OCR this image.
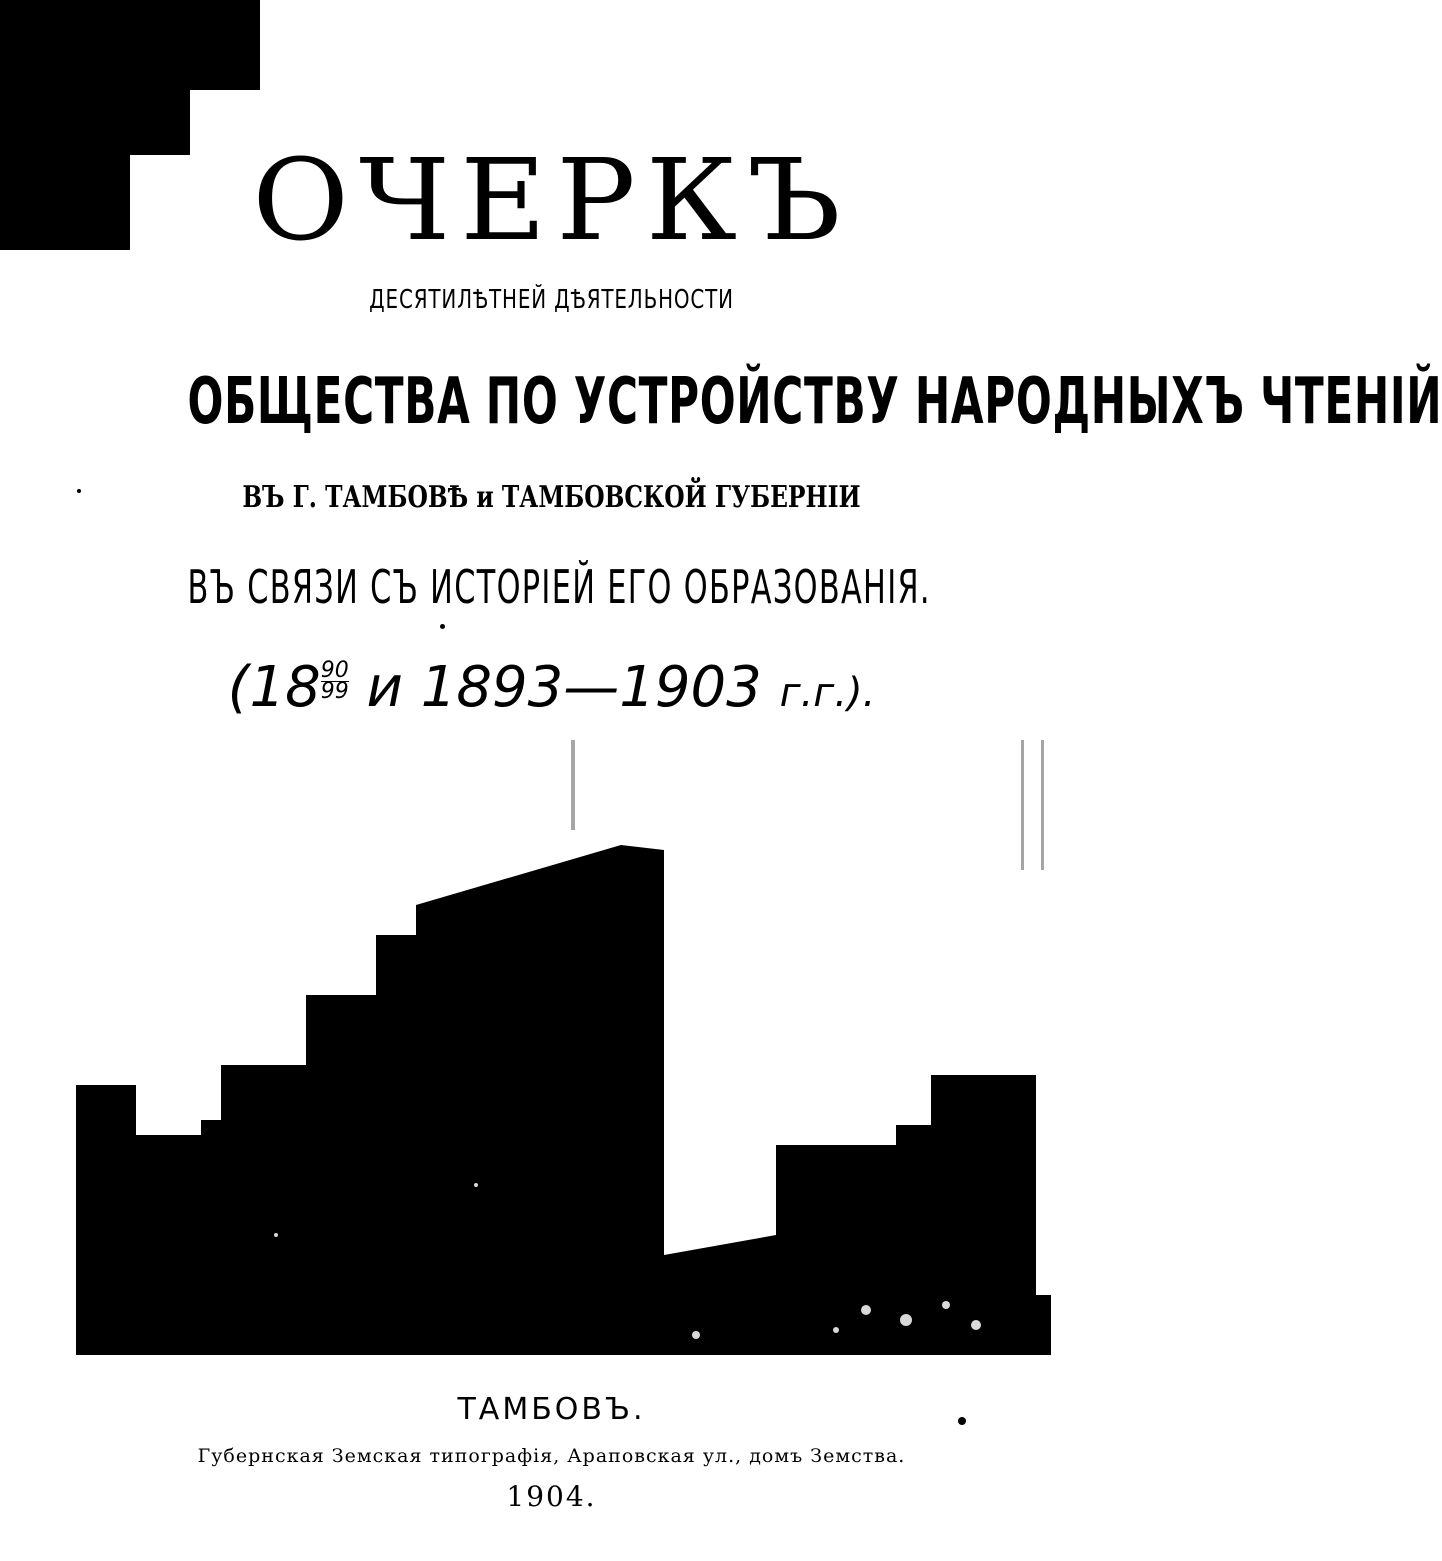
ОЧЕРКЪ
ДЕСЯТИЛѢТНЕЙ ДѢЯТЕЛЬНОСТИ
ОБЩЕСТВА ПО УСТРОЙСТВУ НАРОДНЫХЪ ЧТЕНІЙ
ВЪ Г. ТАМБОВѢ и ТАМБОВСКОЙ ГУБЕРНІИ
ВЪ СВЯЗИ СЪ ИСТОРІЕЙ ЕГО ОБРАЗОВАНІЯ.
($18 \frac{90}{99}$ и 1893—1903 г.г.).
ТАМБОВЪ.
Губернская Земская типографія, Араповская ул., домъ Земства.
1904.
